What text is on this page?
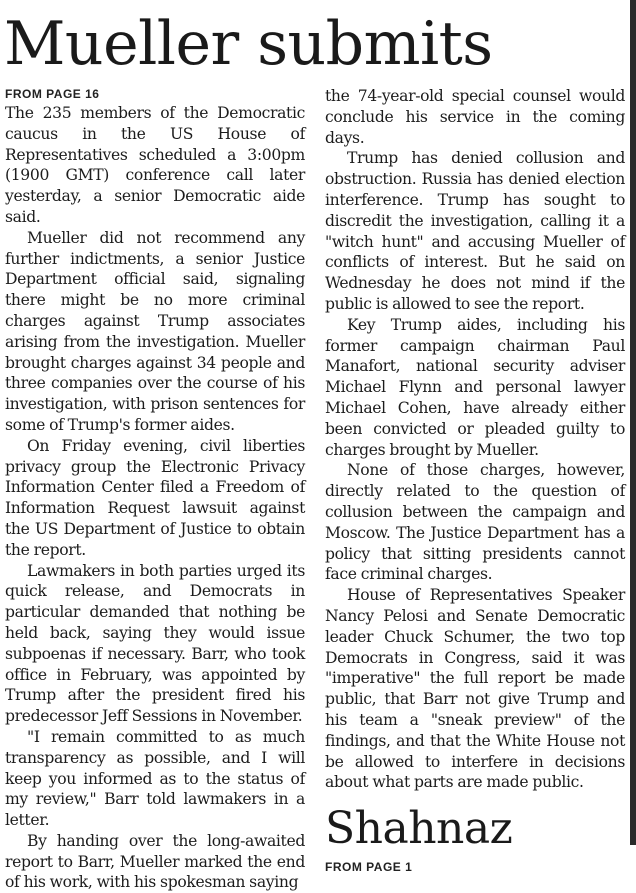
Mueller submits
FROM PAGE 16

The 235 members of the Democratic caucus in the US House of Representatives scheduled a 3:00pm (1900 GMT) conference call later yesterday, a senior Democratic aide said.

Mueller did not recommend any further indictments, a senior Justice Department official said, signaling there might be no more criminal charges against Trump associates arising from the investigation. Mueller brought charges against 34 people and three companies over the course of his investigation, with prison sentences for some of Trump's former aides.

On Friday evening, civil liberties privacy group the Electronic Privacy Information Center filed a Freedom of Information Request lawsuit against the US Department of Justice to obtain the report.

Lawmakers in both parties urged its quick release, and Democrats in particular demanded that nothing be held back, saying they would issue subpoenas if necessary. Barr, who took office in February, was appointed by Trump after the president fired his predecessor Jeff Sessions in November.

"I remain committed to as much transparency as possible, and I will keep you informed as to the status of my review," Barr told lawmakers in a letter.

By handing over the long-awaited report to Barr, Mueller marked the end of his work, with his spokesman saying

the 74-year-old special counsel would conclude his service in the coming days.

Trump has denied collusion and obstruction. Russia has denied election interference. Trump has sought to discredit the investigation, calling it a "witch hunt" and accusing Mueller of conflicts of interest. But he said on Wednesday he does not mind if the public is allowed to see the report.

Key Trump aides, including his former campaign chairman Paul Manafort, national security adviser Michael Flynn and personal lawyer Michael Cohen, have already either been convicted or pleaded guilty to charges brought by Mueller.

None of those charges, however, directly related to the question of collusion between the campaign and Moscow. The Justice Department has a policy that sitting presidents cannot face criminal charges.

House of Representatives Speaker Nancy Pelosi and Senate Democratic leader Chuck Schumer, the two top Democrats in Congress, said it was "imperative" the full report be made public, that Barr not give Trump and his team a "sneak preview" of the findings, and that the White House not be allowed to interfere in decisions about what parts are made public.

Shahnaz
FROM PAGE 1
